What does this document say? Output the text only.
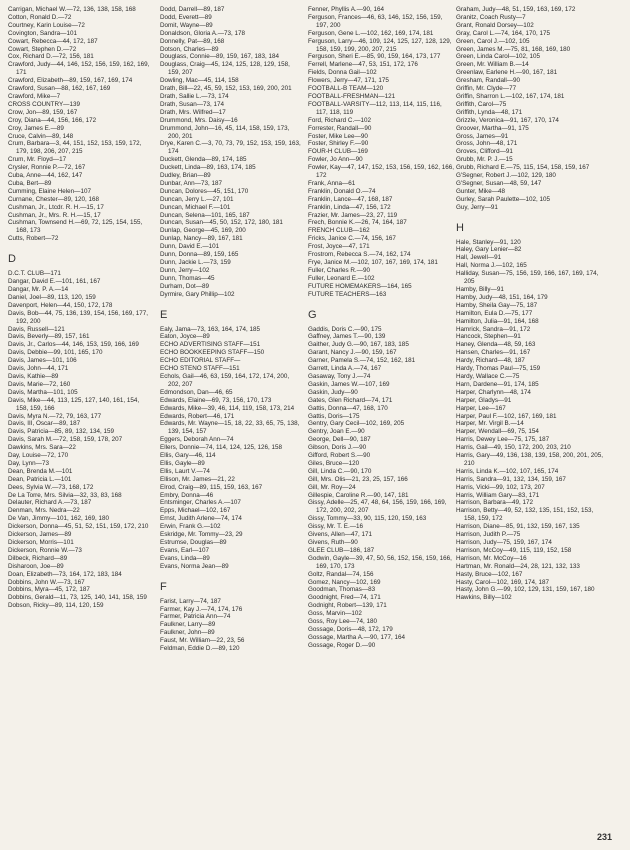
Carrigan, Michael W.—72, 136, 138, 158, 168
Cotton, Ronald D.—72
Courtney, Karin Louise—72
Covington, Sandra—101
Cowart, Rebecca—44, 172, 187
Cowart, Stephen D.—72
Cox, Richard D.—72, 156, 181
Crawford, Judy—44, 146, 152, 156, 159, 162, 169, 171
Crawford, Elizabeth—89, 159, 167, 169, 174
Crawford, Susan—88, 162, 167, 169
Crawford, Mike—7
CROSS COUNTRY—139
Crow, Jon—89, 159, 167
Croy, Diana—44, 156, 166, 172
Croy, James E.—89
Cruce, Calvin—89, 148
Crum, Barbara—3, 44, 151, 152, 153, 159, 172, 179, 198, 206, 207, 215
Crum, Mr. Floyd—17
Crysler, Ronnie P.—72, 167
Cuba, Anne—44, 162, 147
Cuba, Bert—89
Cumming, Elaine Helen—107
Curnane, Chester—89, 120, 168
Cushman, Jr., Ltcdr. R. H.—15, 17
Cushman, Jr., Mrs. R. H.—15, 17
Cushman, Townsend H.—69, 72, 125, 154, 155, 168, 173
Cutts, Robert—72
D
D.C.T. CLUB—171
Dangar, David E.—101, 161, 167
Dangar, Mr. P. A.—14
Daniel, Joel—89, 113, 120, 159
Davenport, Helen—44, 150, 172, 178
Davis, Bob—44, 75, 136, 139, 154, 156, 169, 177, 192, 200
Davis, Russell—121
Davis, Beverly—89, 157, 161
Davis, Jr., Carlos—44, 146, 153, 159, 166, 169
Davis, Debbie—99, 101, 165, 170
Davis, James—101, 106
Davis, John—44, 171
Davis, Kathie—89
Davis, Marie—72, 160
Davis, Martha—101, 105
Davis, Mike—44, 113, 125, 127, 140, 161, 154, 158, 159, 166
Davis, Myra N.—72, 79, 163, 177
Davis, III, Oscar—89, 187
Davis, Patricia—85, 89, 132, 134, 159
Davis, Sarah M.—72, 158, 159, 178, 207
Dawkins, Mrs. Sara—22
Day, Louise—72, 170
Day, Lynn—73
Dean, Brenda M.—101
Dean, Patricia L.—101
Dees, Sylvia W.—73, 168, 172
De La Torre, Mrs. Silvia—32, 33, 83, 168
Delauter, Richard A.—73, 187
Denman, Mrs. Nedra—22
De Van, Jimmy—101, 162, 169, 180
Dickerson, Donna—45, 51, 52, 151, 159, 172, 210
Dickerson, James—89
Dickerson, Morris—101
Dickerson, Ronnie W.—73
Dilbeck, Richard—89
Disharoon, Joe—89
Doan, Elizabeth—73, 164, 172, 183, 184
Dobbins, John W.—73, 167
Dobbins, Myra—45, 172, 187
Dobbins, Gerald—11, 73, 125, 140, 141, 158, 159
Dobson, Ricky—89, 114, 120, 159
Dodd, Darrell—89, 187
Dodd, Everett—89
Domit, Wayne—89
Donaldson, Gloria A.—73, 178
Donnelly, Pat—89, 168
Dotson, Charles—89
Douglass, Connie—89, 159, 167, 183, 184
Douglass, Craig—45, 124, 125, 128, 129, 158, 159, 207
Dowling, Mac—45, 114, 158
Drath, Bill—22, 45, 59, 152, 153, 169, 200, 201
Drath, Sallie L.—73, 174
Drath, Susan—73, 174
Drath, Mrs. Wilfred—17
Drummond, Mrs. Daisy—16
Drummond, John—16, 45, 114, 158, 159, 173, 200, 201
Drye, Karen C.—3, 70, 73, 79, 152, 153, 159, 163, 174
Duckett, Glenda—89, 174, 185
Duckett, Linda—89, 163, 174, 185
Dudley, Brian—89
Dunbar, Ann—73, 187
Duncan, Dolores—45, 151, 170
Duncan, Jerry L.—27, 101
Duncan, Michael F.—101
Duncan, Selena—101, 165, 187
Duncan, Susan—45, 50, 152, 172, 180, 181
Dunlap, George—45, 169, 200
Dunlap, Nancy—89, 167, 181
Dunn, David E.—101
Dunn, Donna—89, 159, 165
Dunn, Jackie L.—73, 159
Dunn, Jerry—102
Dunn, Thomas—45
Durham, Dot—89
Dyrmire, Gary Phillip—102
E
Ealy, Jama—73, 163, 164, 174, 185
Eaton, Joyce—89
ECHO ADVERTISING STAFF—151
ECHO BOOKKEEPING STAFF—150
ECHO EDITORIAL STAFF—
ECHO STENO STAFF—151
Echols, Gail—46, 63, 159, 164, 172, 174, 200, 202, 207
Edmondson, Dan—46, 65
Edwards, Elaine—69, 73, 156, 170, 173
Edwards, Mike—39, 46, 114, 119, 158, 173, 214
Edwards, Robert—46, 171
Edwards, Mr. Wayne—15, 18, 22, 33, 65, 75, 138, 139, 154, 157
Eggers, Deborah Ann—74
Ellers, Donnie—74, 114, 124, 125, 126, 158
Ellis, Gary—46, 114
Ellis, Gayle—89
Ellis, Laurt V.—74
Ellison, Mr. James—21, 22
Elrod, Craig—89, 115, 159, 163, 167
Embry, Donna—46
Entsminger, Charles A.—107
Epps, Michael—102, 167
Ernst, Judith Arlene—74, 174
Erwin, Frank G.—102
Eskridge, Mr. Tommy—23, 29
Estrumse, Douglas—89
Evans, Earl—107
Evans, Linda—89
Evans, Norma Jean—89
F
Farist, Larry—74, 187
Farmer, Kay J.—74, 174, 176
Farmer, Patricia Ann—74
Faulkner, Larry—89
Faulkner, John—89
Faust, Mr. William—22, 23, 56
Feldman, Eddie D.—89, 120
Fenner, Phyllis A.—90, 164
Ferguson, Frances—46, 63, 146, 152, 156, 159, 197, 200
Ferguson, Gene L.—102, 162, 169, 174, 181
Ferguson, Larry—46, 109, 124, 125, 127, 128, 129, 158, 159, 199, 200, 207, 215
Ferguson, Sheri E.—85, 90, 159, 164, 173, 177
Ferrell, Marlene—47, 53, 151, 172, 176
Fields, Donna Gail—102
Flowers, Jerry—47, 171, 175
FOOTBALL-B TEAM—120
FOOTBALL-FRESHMAN—121
FOOTBALL-VARSITY—112, 113, 114, 115, 116, 117, 118, 119
Ford, Richard C.—102
Forrester, Randall—90
Foster, Mike Lee—90
Foster, Shirley F.—90
FOUR-H CLUB—169
Fowler, Jo Ann—90
Fowler, Kay—47, 147, 152, 153, 156, 159, 162, 166, 172
Frank, Anna—61
Franklin, Donald O.—74
Franklin, Lance—47, 168, 187
Franklin, Linda—47, 156, 172
Frazier, Mr. James—23, 27, 119
Frech, Bonnie K.—26, 74, 164, 187
FRENCH CLUB—162
Fricks, Janice C.—74, 156, 167
Frost, Joyce—47, 171
Frostrom, Rebecca S.—74, 162, 174
Frye, Janice M.—102, 107, 167, 169, 174, 181
Fuller, Charles R.—90
Fuller, Leonard E.—102
FUTURE HOMEMAKERS—164, 165
FUTURE TEACHERS—163
G
Gaddis, Doris C.—90, 175
Gaffney, James T.—90, 139
Gaither, Judy G.—90, 167, 183, 185
Garant, Nancy J.—90, 159, 167
Garner, Pamela S.—74, 152, 162, 181
Garrett, Linda A.—74, 167
Gasaway, Tony J.—74
Gaskin, James W.—107, 169
Gaskin, Judy—90
Gates, Glen Richard—74, 171
Gattis, Donna—47, 168, 170
Gattis, Doris—175
Gentry, Gary Cecil—102, 169, 205
Gentry, Joan E.—90
George, Dell—90, 187
Gibson, Doris J.—90
Gifford, Robert S.—90
Giles, Bruce—120
Gill, Linda C.—90, 170
Gill, Mrs. Olis—21, 23, 25, 157, 166
Gill, Mr. Roy—24
Gillespie, Caroline R.—90, 147, 181
Gissy, Adelle—25, 47, 48, 64, 156, 159, 166, 169, 172, 200, 202, 207
Gissy, Tommy—33, 90, 115, 120, 159, 163
Gissy, Mr. T. E.—16
Givens, Allen—47, 171
Givens, Ruth—90
GLEE CLUB—186, 187
Godwin, Gayle—39, 47, 50, 56, 152, 156, 159, 166, 169, 170, 173
Goltz, Randal—74, 156
Gomez, Nancy—102, 169
Goodman, Thomas—83
Goodnight, Fred—74, 171
Godnight, Robert—139, 171
Goss, Marvin—102
Goss, Roy Lee—74, 180
Gossage, Doris—48, 172, 179
Gossage, Martha A.—90, 177, 164
Gossage, Roger D.—90
Graham, Judy—48, 51, 159, 163, 169, 172
Granitz, Coach Rusty—7
Grant, Ronald Dorsey—102
Gray, Carol L.—74, 164, 170, 175
Green, Carol J.—102, 105
Green, James M.—75, 81, 168, 169, 180
Green, Linda Carol—102, 105
Green, Mr. William B.—14
Greenlaw, Earlene H.—90, 167, 181
Gresham, Randall—90
Griffin, Mr. Clyde—77
Griffin, Sharron L.—102, 167, 174, 181
Griffith, Carol—75
Griffith, Lynda—48, 171
Grizzle, Veronica—91, 167, 170, 174
Groover, Martha—91, 175
Gross, James—91
Gross, John—48, 171
Groves, Clifford—91
Grubb, Mr. P. J.—15
Grubb, Richard E.—75, 115, 154, 158, 159, 167
G'Segner, Robert J.—102, 129, 180
G'Segner, Susan—48, 59, 147
Gunter, Mike—48
Gurley, Sarah Paulette—102, 105
Guy, Jerry—91
H
Hale, Stanley—91, 120
Haley, Gary Lenier—82
Hall, Jewell—91
Hall, Norma J.—102, 165
Halliday, Susan—75, 156, 159, 166, 167, 169, 174, 205
Hamby, Billy—91
Hamby, Judy—48, 151, 164, 179
Hamby, Sheila Gay—75, 187
Hamilton, Eula D.—75, 177
Hamilton, Julia—91, 164, 168
Hamrick, Sandra—91, 172
Hancock, Stephen—91
Haney, Glenda—48, 59, 163
Hansen, Charles—91, 167
Hardy, Richard—48, 187
Hardy, Thomas Paul—75, 159
Hardy, Wallace C.—75
Harn, Dardene—91, 174, 185
Harper, Charlynn—48, 174
Harper, Gladys—91
Harper, Lee—167
Harper, Paul F.—102, 167, 169, 181
Harper, Mr. Virgil B.—14
Harper, Wendall—69, 75, 154
Harris, Dewey Lee—75, 175, 187
Harris, Gail—49, 150, 172, 200, 203, 210
Harris, Gary—49, 136, 138, 139, 158, 200, 201, 205, 210
Harris, Linda K.—102, 107, 165, 174
Harris, Sandra—91, 132, 134, 159, 167
Harris, Vicki—99, 102, 173, 207
Harris, William Gary—83, 171
Harrison, Barbara—49, 172
Harrison, Betty—49, 52, 132, 135, 151, 152, 153, 158, 159, 172
Harrison, Diane—85, 91, 132, 159, 167, 135
Harrison, Judith P.—75
Harrison, Judy—75, 159, 167, 174
Harrison, McCoy—49, 115, 119, 152, 158
Harrison, Mr. McCoy—16
Hartman, Mr. Ronald—24, 28, 121, 132, 133
Hasty, Bruce—102, 167
Hasty, Carol—102, 169, 174, 187
Hasty, John G.—99, 102, 129, 131, 159, 167, 180
Hawkins, Billy—102
231
